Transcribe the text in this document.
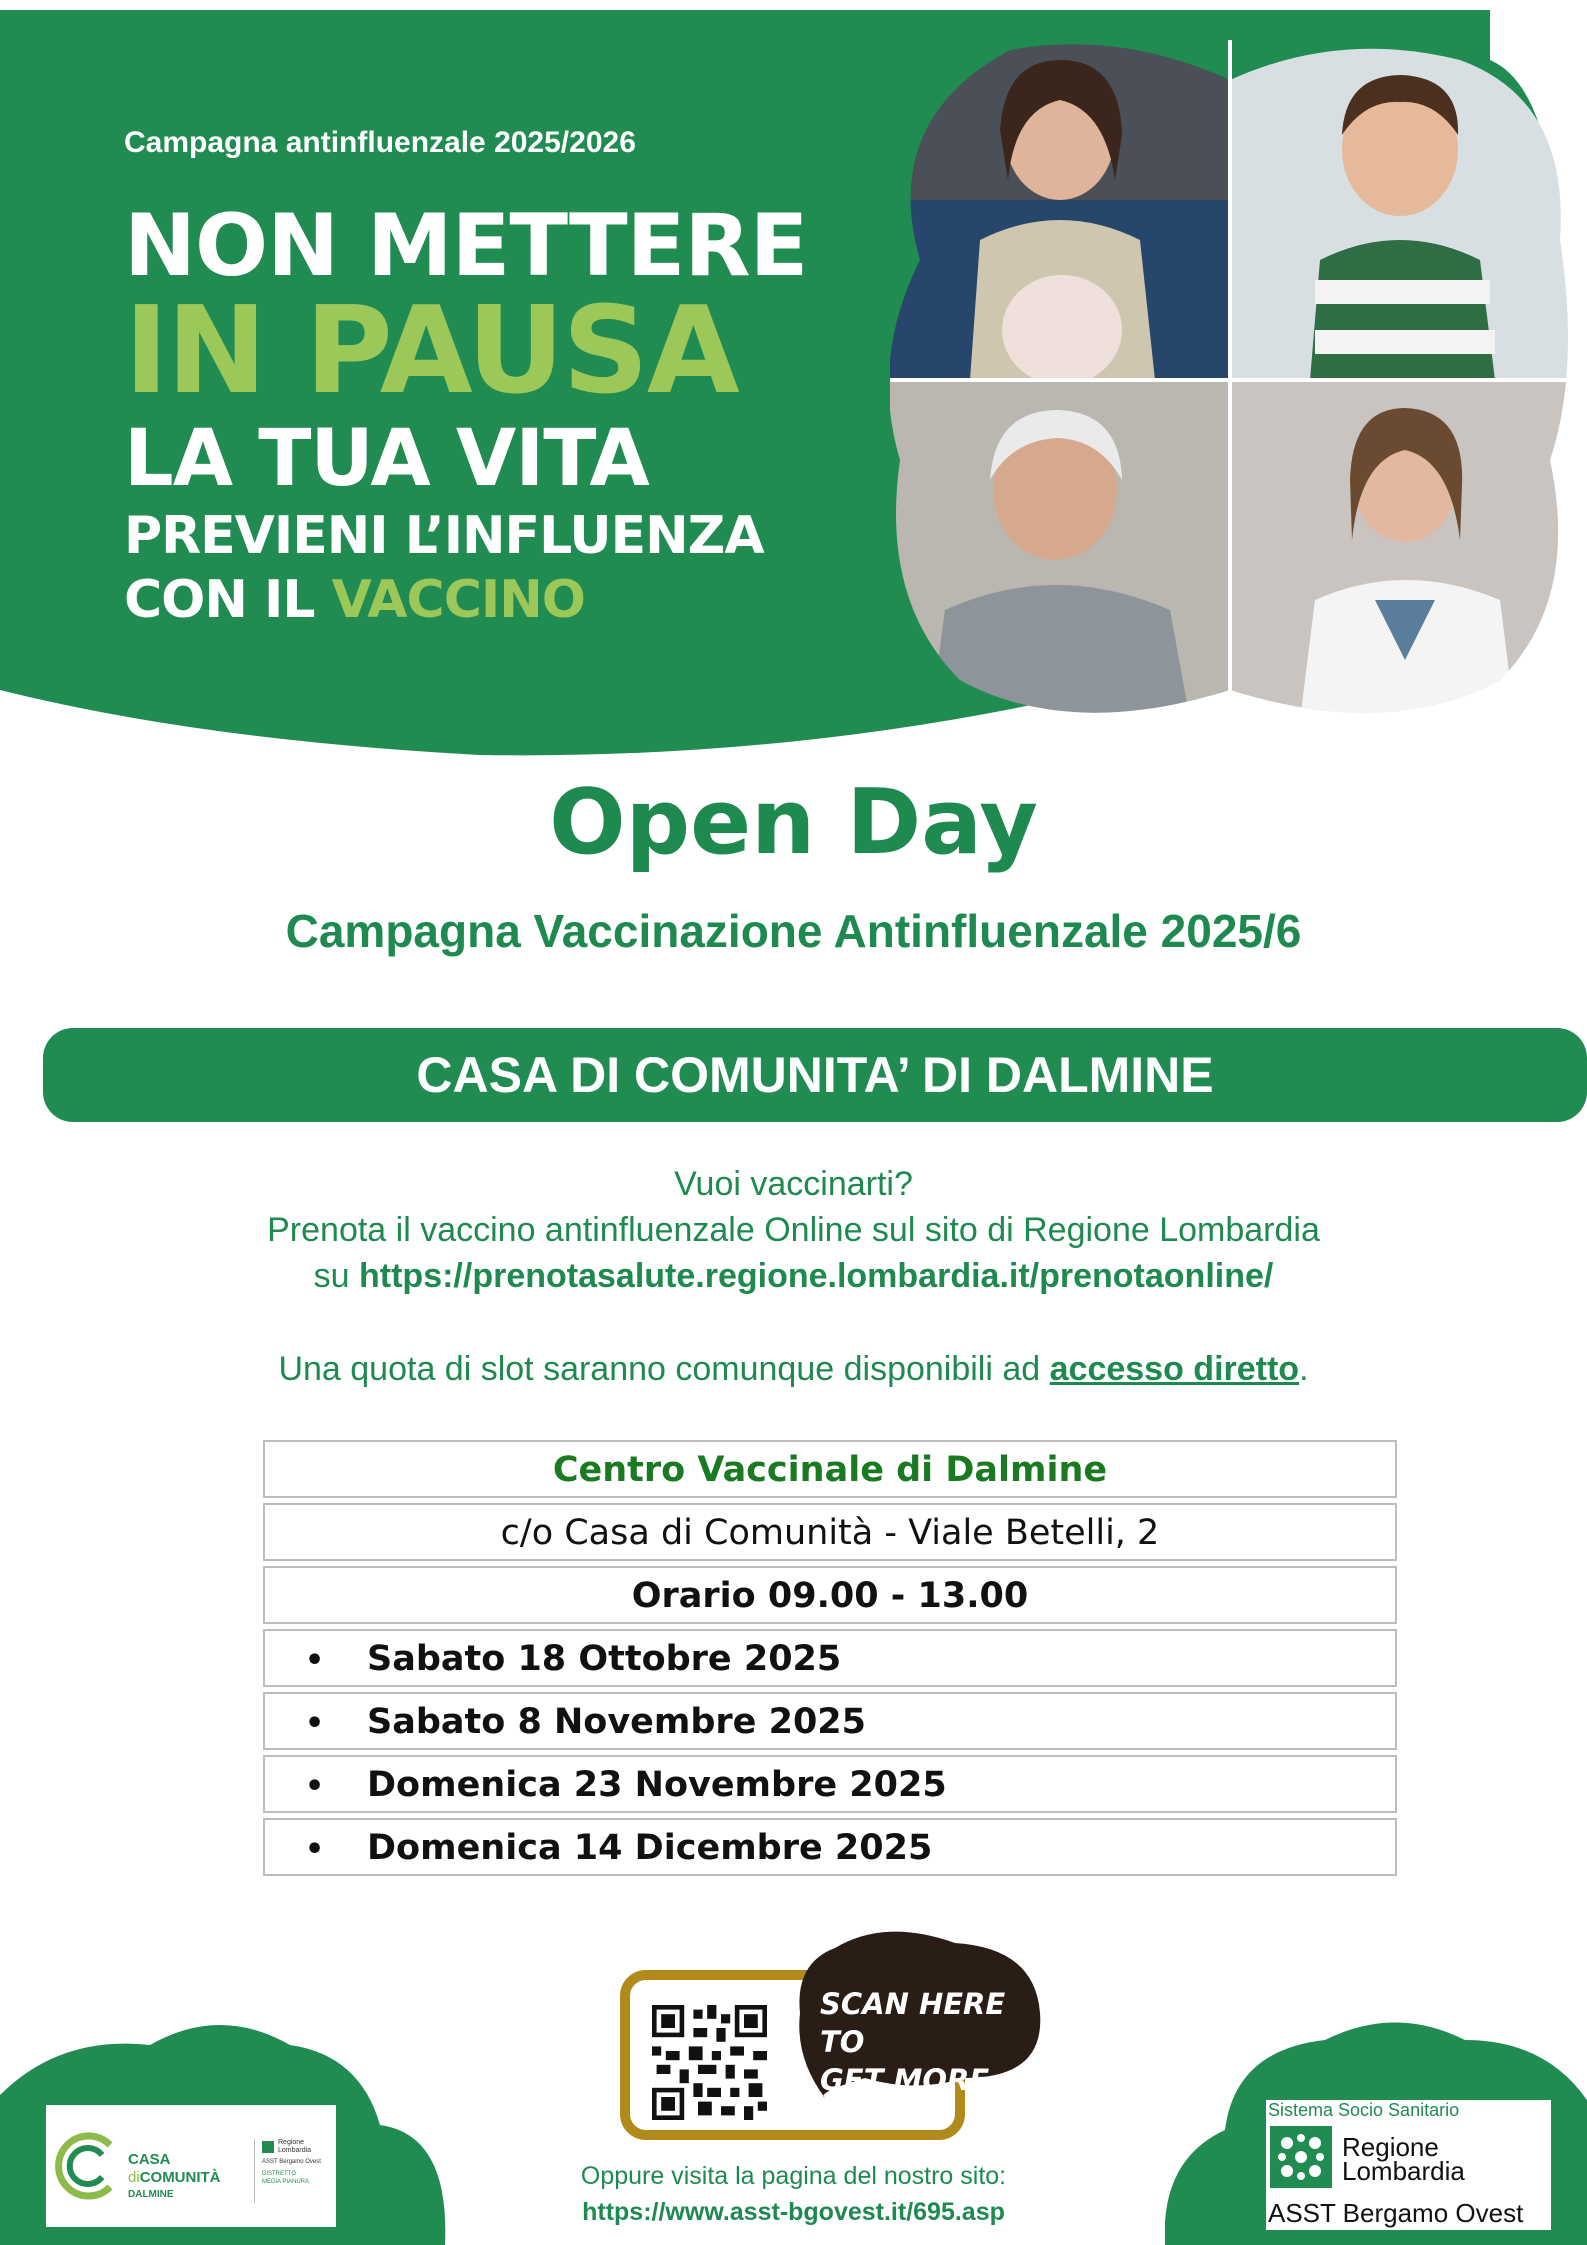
Campagna antinfluenzale 2025/2026
NON METTERE
IN PAUSA
LA TUA VITA
PREVIENI L’INFLUENZA
CON IL VACCINO
Open Day
Campagna Vaccinazione Antinfluenzale 2025/6
CASA DI COMUNITA’ DI DALMINE
Vuoi vaccinarti?
Prenota il vaccino antinfluenzale Online sul sito di Regione Lombardia
su https://prenotasalute.regione.lombardia.it/prenotaonline/
Una quota di slot saranno comunque disponibili ad accesso diretto.
Centro Vaccinale di Dalmine
c/o Casa di Comunità - Viale Betelli, 2
Orario 09.00 - 13.00
• Sabato 18 Ottobre 2025
• Sabato 8 Novembre 2025
• Domenica 23 Novembre 2025
• Domenica 14 Dicembre 2025
CASA
diCOMUNITÀ
DALMINE
Regione
Lombardia
ASST Bergamo Ovest
DISTRETTO
MEDIA PIANURA
Sistema Socio Sanitario
Regione
Lombardia
ASST Bergamo Ovest
SCAN HERE TO
GET MORE INFO
Oppure visita la pagina del nostro sito:
https://www.asst-bgovest.it/695.asp
